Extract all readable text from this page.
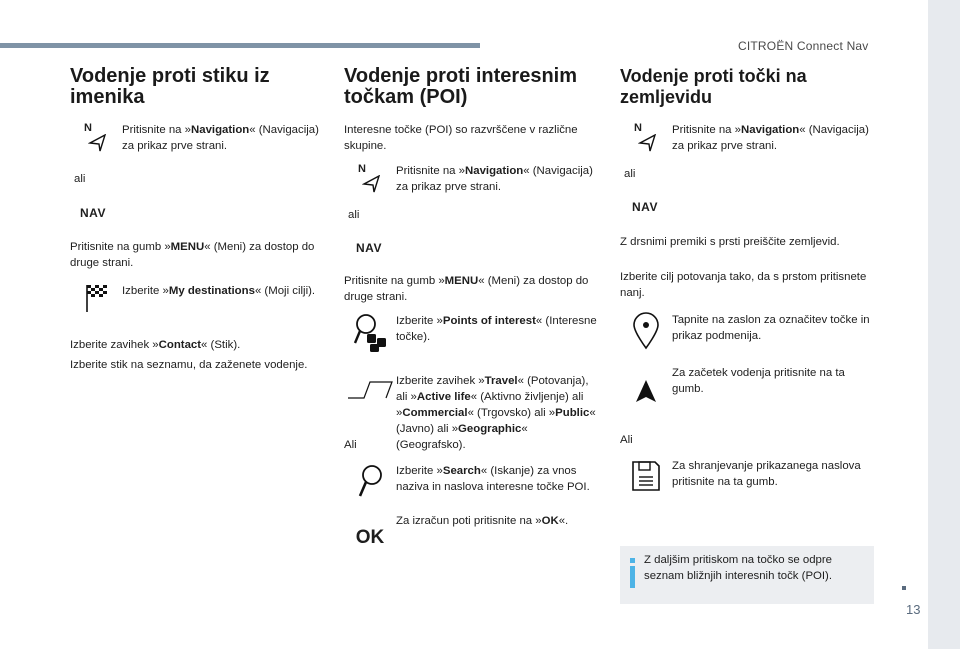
CITROËN Connect Nav
13
Vodenje proti stiku iz imenika
N	Pritisnite na »Navigation« (Navigacija) za prikaz prve strani.
ali
NAV

Pritisnite na gumb »MENU« (Meni) za dostop do druge strani.

Izberite »My destinations« (Moji cilji).

Izberite zavihek »Contact« (Stik).

Izberite stik na seznamu, da zaženete vodenje.

Vodenje proti interesnim točkam (POI)

Interesne točke (POI) so razvrščene v različne skupine.

N	Pritisnite na »Navigation« (Navigacija) za prikaz prve strani.
ali
NAV

Pritisnite na gumb »MENU« (Meni) za dostop do druge strani.

Izberite »Points of interest« (Interesne točke).
Izberite zavihek »Travel« (Potovanja), ali »Active life« (Aktivno življenje) ali »Commercial« (Trgovsko) ali »Public« (Javno) ali »Geographic« (Geografsko).
Ali
Izberite »Search« (Iskanje) za vnos naziva in naslova interesne točke POI.
OK
Za izračun poti pritisnite na »OK«.
Vodenje proti točki na zemljevidu
N	Pritisnite na »Navigation« (Navigacija) za prikaz prve strani.
ali
NAV

Z drsnimi premiki s prsti preiščite zemljevid.

Izberite cilj potovanja tako, da s prstom pritisnete nanj.

Tapnite na zaslon za označitev točke in prikaz podmenija.
Za začetek vodenja pritisnite na ta gumb.
Ali
Za shranjevanje prikazanega naslova pritisnite na ta gumb.
Z daljšim pritiskom na točko se odpre seznam bližnjih interesnih točk (POI).
